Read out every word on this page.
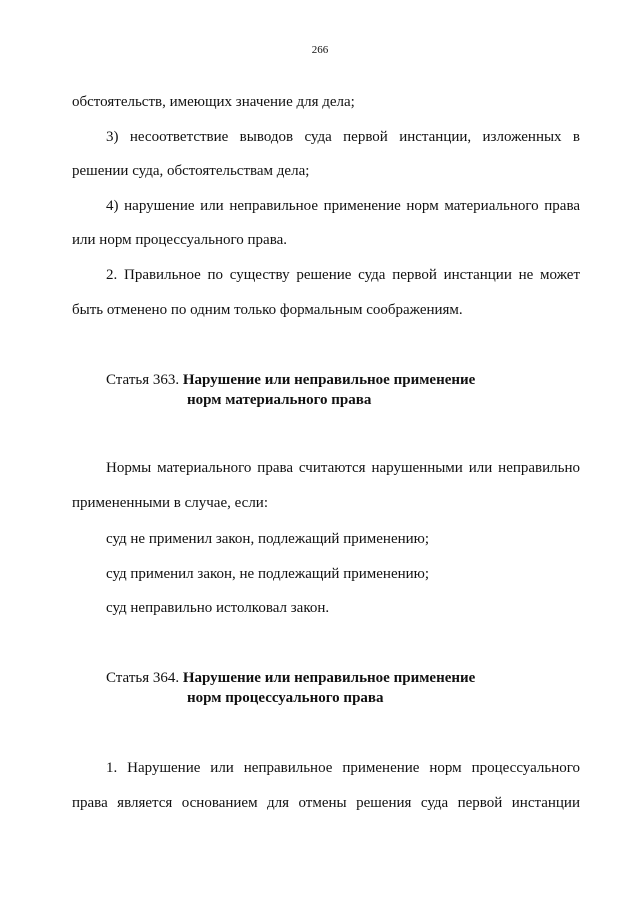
266
обстоятельств, имеющих значение для дела;
3) несоответствие выводов суда первой инстанции, изложенных в
решении суда, обстоятельствам дела;
4) нарушение или неправильное применение норм материального права
или норм процессуального права.
2. Правильное по существу решение суда первой инстанции не может
быть отменено по одним только формальным соображениям.
Статья 363. Нарушение или неправильное применение
норм материального права
Нормы материального права считаются нарушенными или неправильно
примененными в случае, если:
суд не применил закон, подлежащий применению;
суд применил закон, не подлежащий применению;
суд неправильно истолковал закон.
Статья 364. Нарушение или неправильное применение
норм процессуального права
1. Нарушение или неправильное применение норм процессуального
права является основанием для отмены решения суда первой инстанции
